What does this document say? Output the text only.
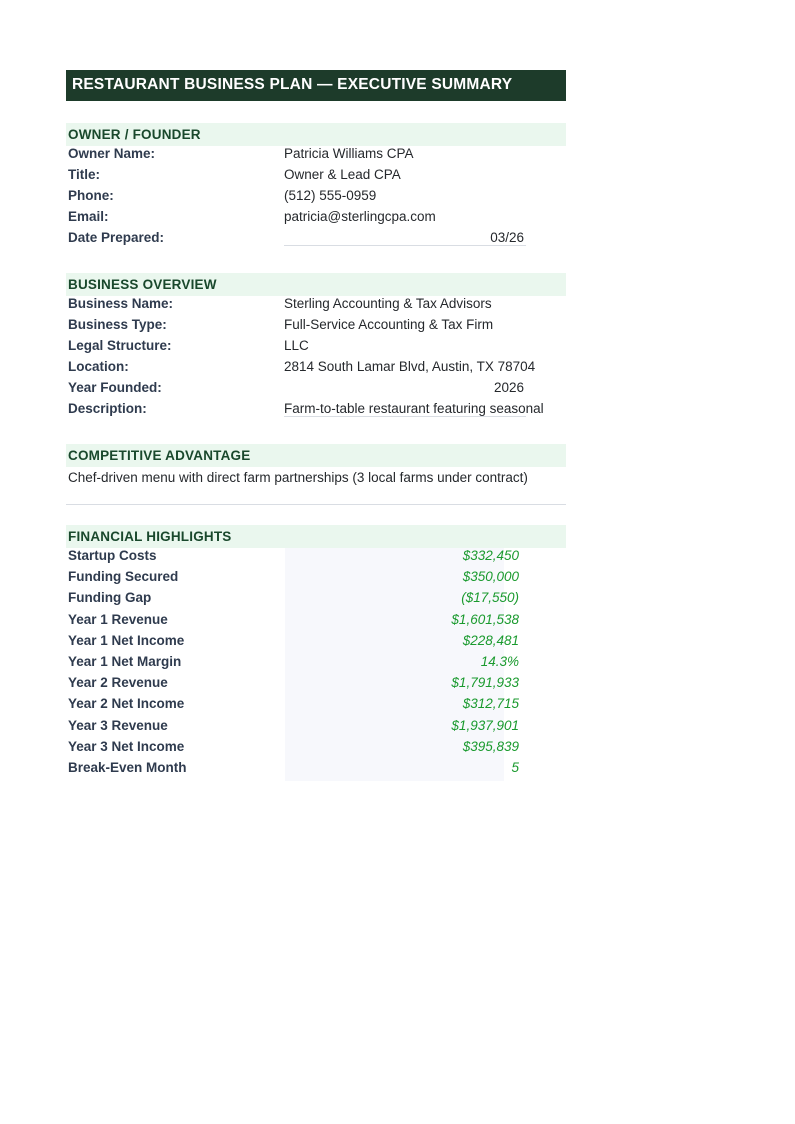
RESTAURANT BUSINESS PLAN — EXECUTIVE SUMMARY
OWNER / FOUNDER
Owner Name:	Patricia Williams CPA
Title:	Owner & Lead CPA
Phone:	(512) 555-0959
Email:	patricia@sterlingcpa.com
Date Prepared:	03/26
BUSINESS OVERVIEW
Business Name:	Sterling Accounting & Tax Advisors
Business Type:	Full-Service Accounting & Tax Firm
Legal Structure:	LLC
Location:	2814 South Lamar Blvd, Austin, TX 78704
Year Founded:	2026
Description:	Farm-to-table restaurant featuring seasonal
COMPETITIVE ADVANTAGE
Chef-driven menu with direct farm partnerships (3 local farms under contract)
FINANCIAL HIGHLIGHTS
Startup Costs	$332,450
Funding Secured	$350,000
Funding Gap	($17,550)
Year 1 Revenue	$1,601,538
Year 1 Net Income	$228,481
Year 1 Net Margin	14.3%
Year 2 Revenue	$1,791,933
Year 2 Net Income	$312,715
Year 3 Revenue	$1,937,901
Year 3 Net Income	$395,839
Break-Even Month	5
